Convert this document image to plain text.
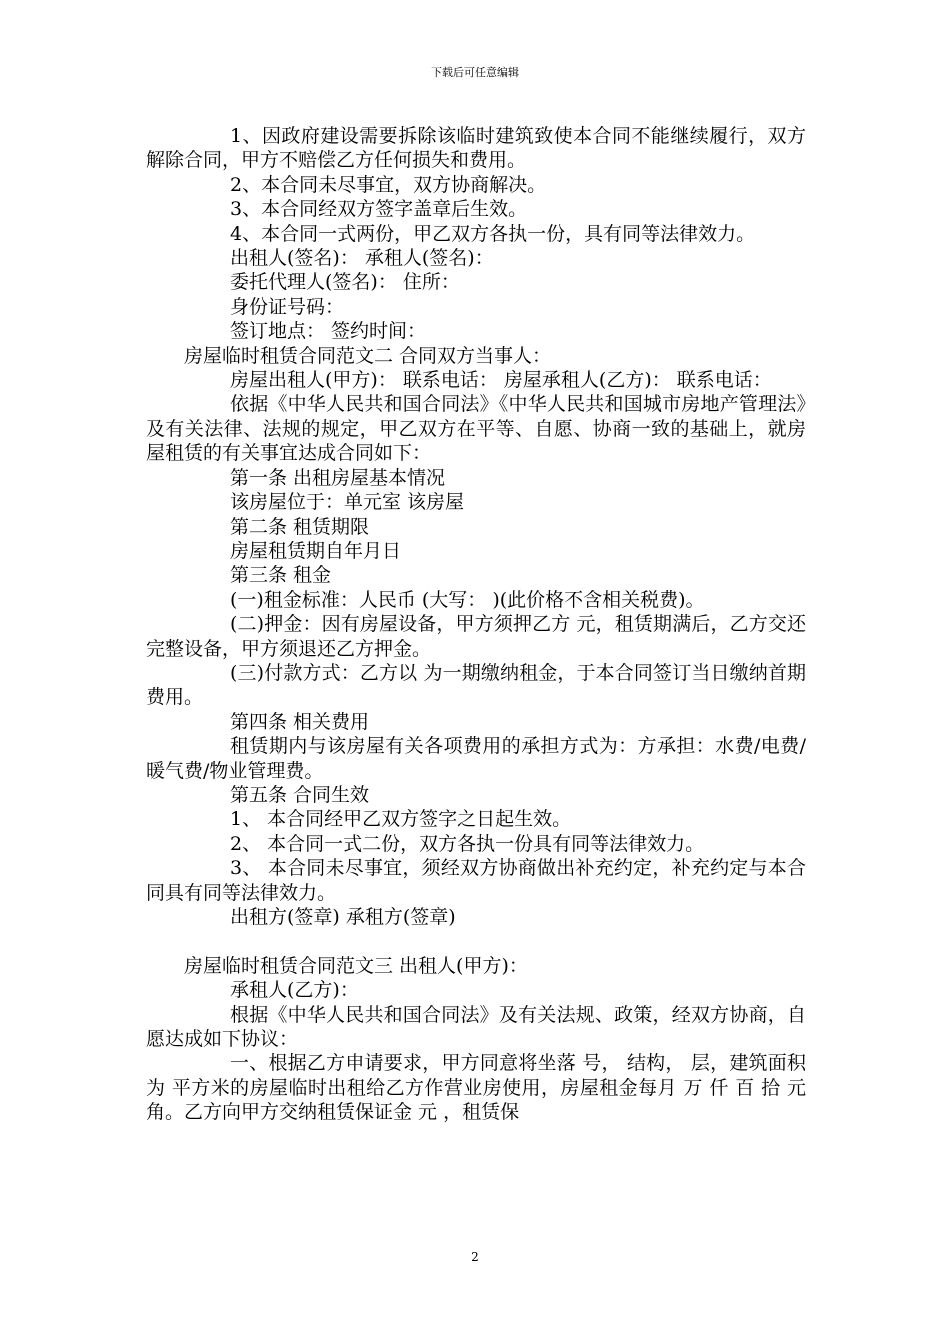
下载后可任意编辑

1、因政府建设需要拆除该临时建筑致使本合同不能继续履行，双方解除合同，甲方不赔偿乙方任何损失和费用。

2、本合同未尽事宜，双方协商解决。

3、本合同经双方签字盖章后生效。

4、本合同一式两份，甲乙双方各执一份，具有同等法律效力。

出租人(签名)： 承租人(签名)：

委托代理人(签名)： 住所：

身份证号码：

签订地点： 签约时间：

房屋临时租赁合同范文二 合同双方当事人：

房屋出租人(甲方)： 联系电话： 房屋承租人(乙方)： 联系电话：

依据《中华人民共和国合同法》《中华人民共和国城市房地产管理法》及有关法律、法规的规定，甲乙双方在平等、自愿、协商一致的基础上，就房屋租赁的有关事宜达成合同如下：

第一条 出租房屋基本情况

该房屋位于：单元室 该房屋

第二条 租赁期限

房屋租赁期自年月日

第三条 租金

(一)租金标准：人民币 (大写： )(此价格不含相关税费)。

(二)押金：因有房屋设备，甲方须押乙方 元，租赁期满后，乙方交还完整设备，甲方须退还乙方押金。

(三)付款方式：乙方以 为一期缴纳租金，于本合同签订当日缴纳首期费用。

第四条 相关费用

租赁期内与该房屋有关各项费用的承担方式为：方承担：水费/电费/暖气费/物业管理费。

第五条 合同生效

1、 本合同经甲乙双方签字之日起生效。

2、 本合同一式二份，双方各执一份具有同等法律效力。

3、 本合同未尽事宜，须经双方协商做出补充约定，补充约定与本合同具有同等法律效力。

出租方(签章) 承租方(签章)

房屋临时租赁合同范文三 出租人(甲方)：

承租人(乙方)：

根据《中华人民共和国合同法》及有关法规、政策，经双方协商，自愿达成如下协议：

一、根据乙方申请要求，甲方同意将坐落 号， 结构， 层，建筑面积为 平方米的房屋临时出租给乙方作营业房使用，房屋租金每月 万 仟 百 拾 元角。乙方向甲方交纳租赁保证金 元 ，租赁保

2
